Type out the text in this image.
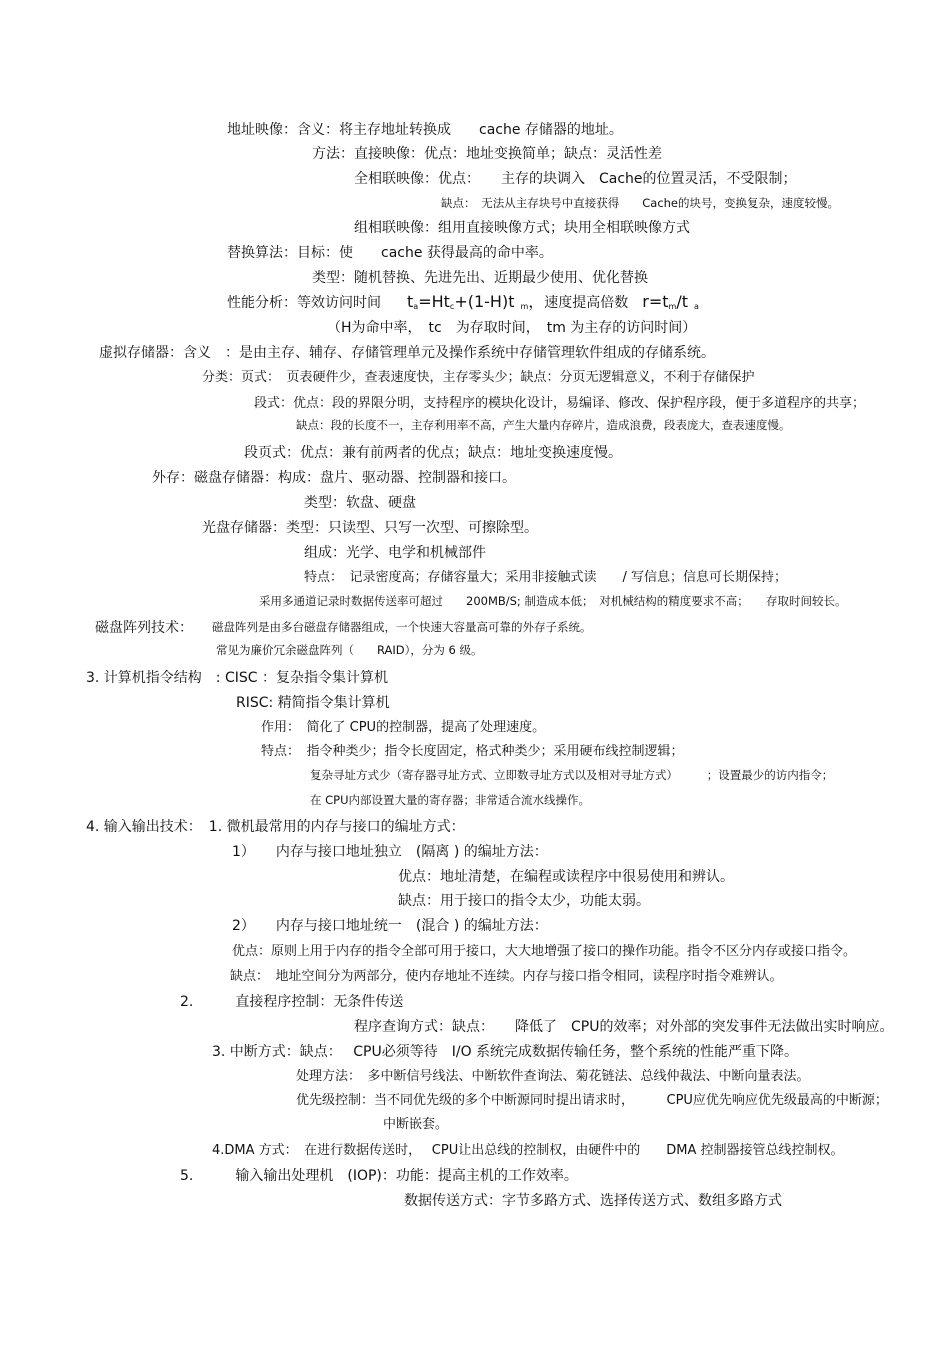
地址映像：含义：将主存地址转换成　　cache 存储器的地址。
方法：直接映像：优点：地址变换简单；缺点：灵活性差
全相联映像：优点：　　主存的块调入　Cache的位置灵活，不受限制；
缺点：　无法从主存块号中直接获得　　Cache的块号，变换复杂，速度较慢。
组相联映像：组用直接映像方式；块用全相联映像方式
替换算法：目标：使　　cache 获得最高的命中率。
类型：随机替换、先进先出、近期最少使用、优化替换
性能分析：等效访问时间 $t_a=Ht_c+(1-H)t$ $_m$，速度提高倍数 $r=t_m/t$ $_a$
（H为命中率，　tc　为存取时间，　tm 为主存的访问时间）
虚拟存储器：含义　：是由主存、辅存、存储管理单元及操作系统中存储管理软件组成的存储系统。
分类：页式：　页表硬件少，查表速度快，主存零头少；缺点：分页无逻辑意义，不利于存储保护
段式：优点：段的界限分明，支持程序的模块化设计，易编译、修改、保护程序段，便于多道程序的共享；
缺点：段的长度不一，主存利用率不高，产生大量内存碎片，造成浪费，段表庞大，查表速度慢。
段页式：优点：兼有前两者的优点；缺点：地址变换速度慢。
外存：磁盘存储器：构成：盘片、驱动器、控制器和接口。
类型：软盘、硬盘
光盘存储器：类型：只读型、只写一次型、可擦除型。
组成：光学、电学和机械部件
特点：　记录密度高；存储容量大；采用非接触式读　　/ 写信息；信息可长期保持；
采用多通道记录时数据传送率可超过　　200MB/S; 制造成本低；　对机械结构的精度要求不高；　　存取时间较长。
磁盘阵列技术： 磁盘阵列是由多台磁盘存储器组成，一个快速大容量高可靠的外存子系统。
常见为廉价冗余磁盘阵列（　　RAID），分为 6 级。
3. 计算机指令结构　: CISC ：复杂指令集计算机
RISC: 精简指令集计算机
作用：　简化了 CPU的控制器，提高了处理速度。
特点：　指令种类少；指令长度固定，格式种类少；采用硬布线控制逻辑；
复杂寻址方式少（寄存器寻址方式、立即数寻址方式以及相对寻址方式）　　　；设置最少的访内指令；
在 CPU内部设置大量的寄存器；非常适合流水线操作。
4. 输入输出技术：　1. 微机最常用的内存与接口的编址方式：
1）　　内存与接口地址独立　(隔离 ) 的编址方法：
优点：地址清楚，在编程或读程序中很易使用和辨认。
缺点：用于接口的指令太少，功能太弱。
2）　　内存与接口地址统一　(混合 ) 的编址方法：
优点：原则上用于内存的指令全部可用于接口，大大地增强了接口的操作功能。指令不区分内存或接口指令。
缺点：　地址空间分为两部分，使内存地址不连续。内存与接口指令相同，读程序时指令难辨认。
2.　　　直接程序控制：无条件传送
程序查询方式：缺点：　　降低了　CPU的效率；对外部的突发事件无法做出实时响应。
3. 中断方式：缺点：　 CPU必须等待　I/O 系统完成数据传输任务，整个系统的性能严重下降。
处理方法：　多中断信号线法、中断软件查询法、菊花链法、总线仲裁法、中断向量表法。
优先级控制：当不同优先级的多个中断源同时提出请求时，　　　CPU应优先响应优先级最高的中断源；
中断嵌套。
4.DMA 方式：　在进行数据传送时，　 CPU让出总线的控制权，由硬件中的　　DMA 控制器接管总线控制权。
5.　　　输入输出处理机　(IOP)：功能：提高主机的工作效率。
数据传送方式：字节多路方式、选择传送方式、数组多路方式
